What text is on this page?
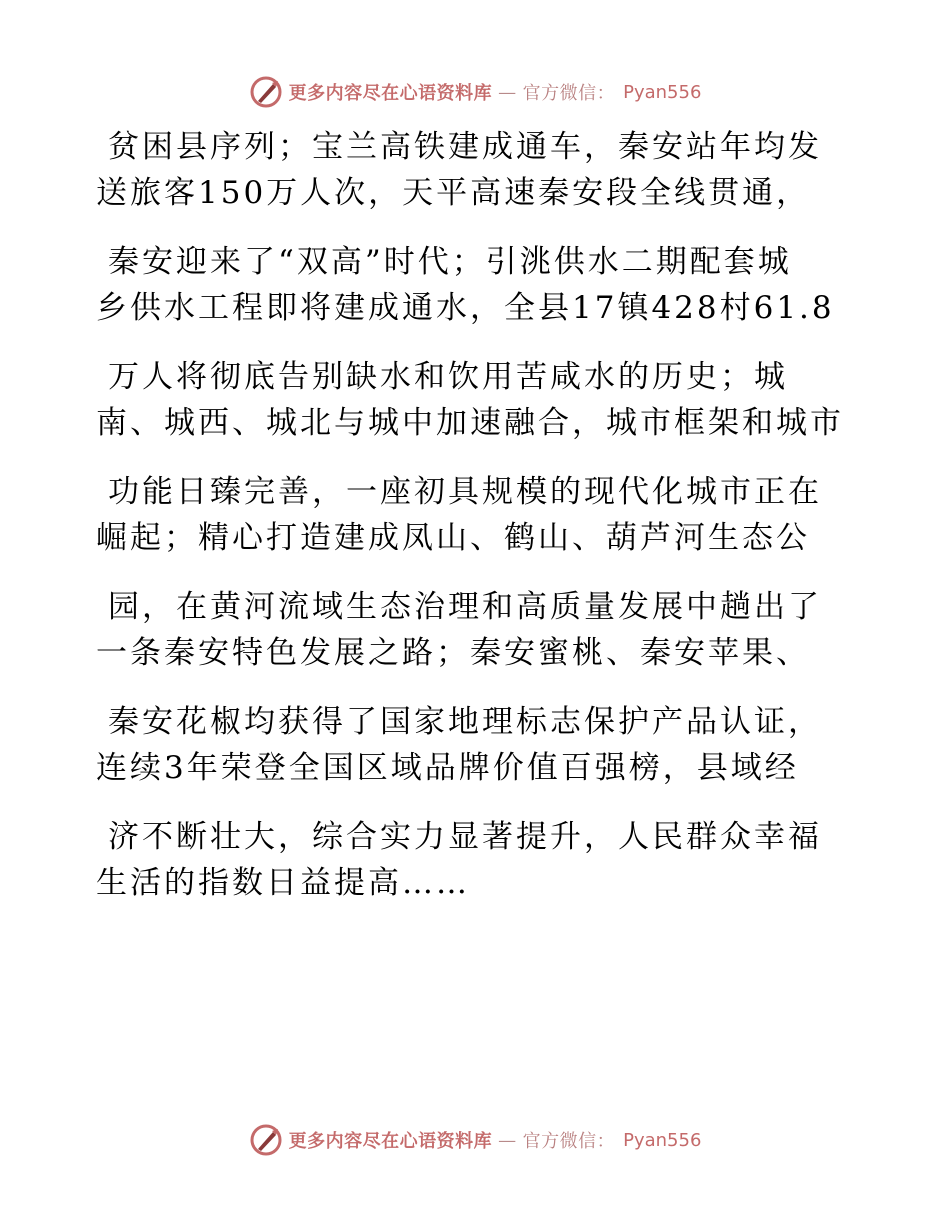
更多内容尽在心语资料库 — 官方微信： Pyan556
贫困县序列；宝兰高铁建成通车，秦安站年均发
送旅客150万人次，天平高速秦安段全线贯通，
秦安迎来了“双高”时代；引洮供水二期配套城
乡供水工程即将建成通水，全县17镇428村61.8
万人将彻底告别缺水和饮用苦咸水的历史；城
南、城西、城北与城中加速融合，城市框架和城市
功能日臻完善，一座初具规模的现代化城市正在
崛起；精心打造建成凤山、鹤山、葫芦河生态公
园，在黄河流域生态治理和高质量发展中趟出了
一条秦安特色发展之路；秦安蜜桃、秦安苹果、
秦安花椒均获得了国家地理标志保护产品认证，
连续3年荣登全国区域品牌价值百强榜，县域经
济不断壮大，综合实力显著提升，人民群众幸福
生活的指数日益提高……
更多内容尽在心语资料库 — 官方微信： Pyan556
